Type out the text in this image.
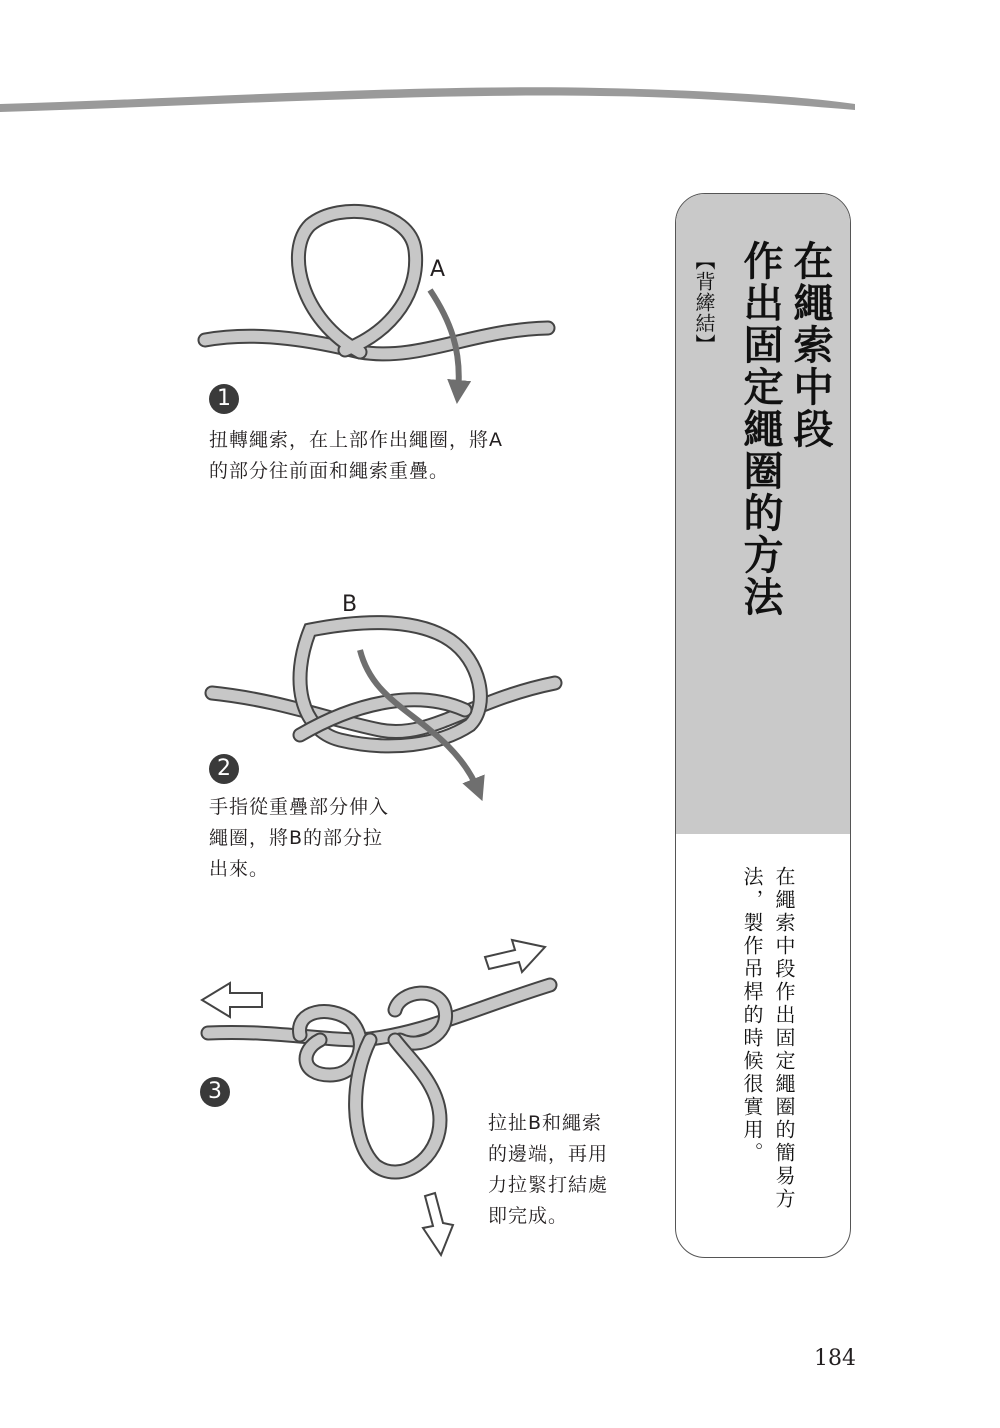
A
B
1
扭轉繩索，在上部作出繩圈，將A
的部分往前面和繩索重疊。
2
手指從重疊部分伸入
繩圈，將B的部分拉
出來。
3
拉扯B和繩索
的邊端，再用
力拉緊打結處
即完成。
在繩索中段
作出固定繩圈的方法
【背縴結】
在繩索中段作出固定繩圈的簡易方
法，製作吊桿的時候很實用。
184
